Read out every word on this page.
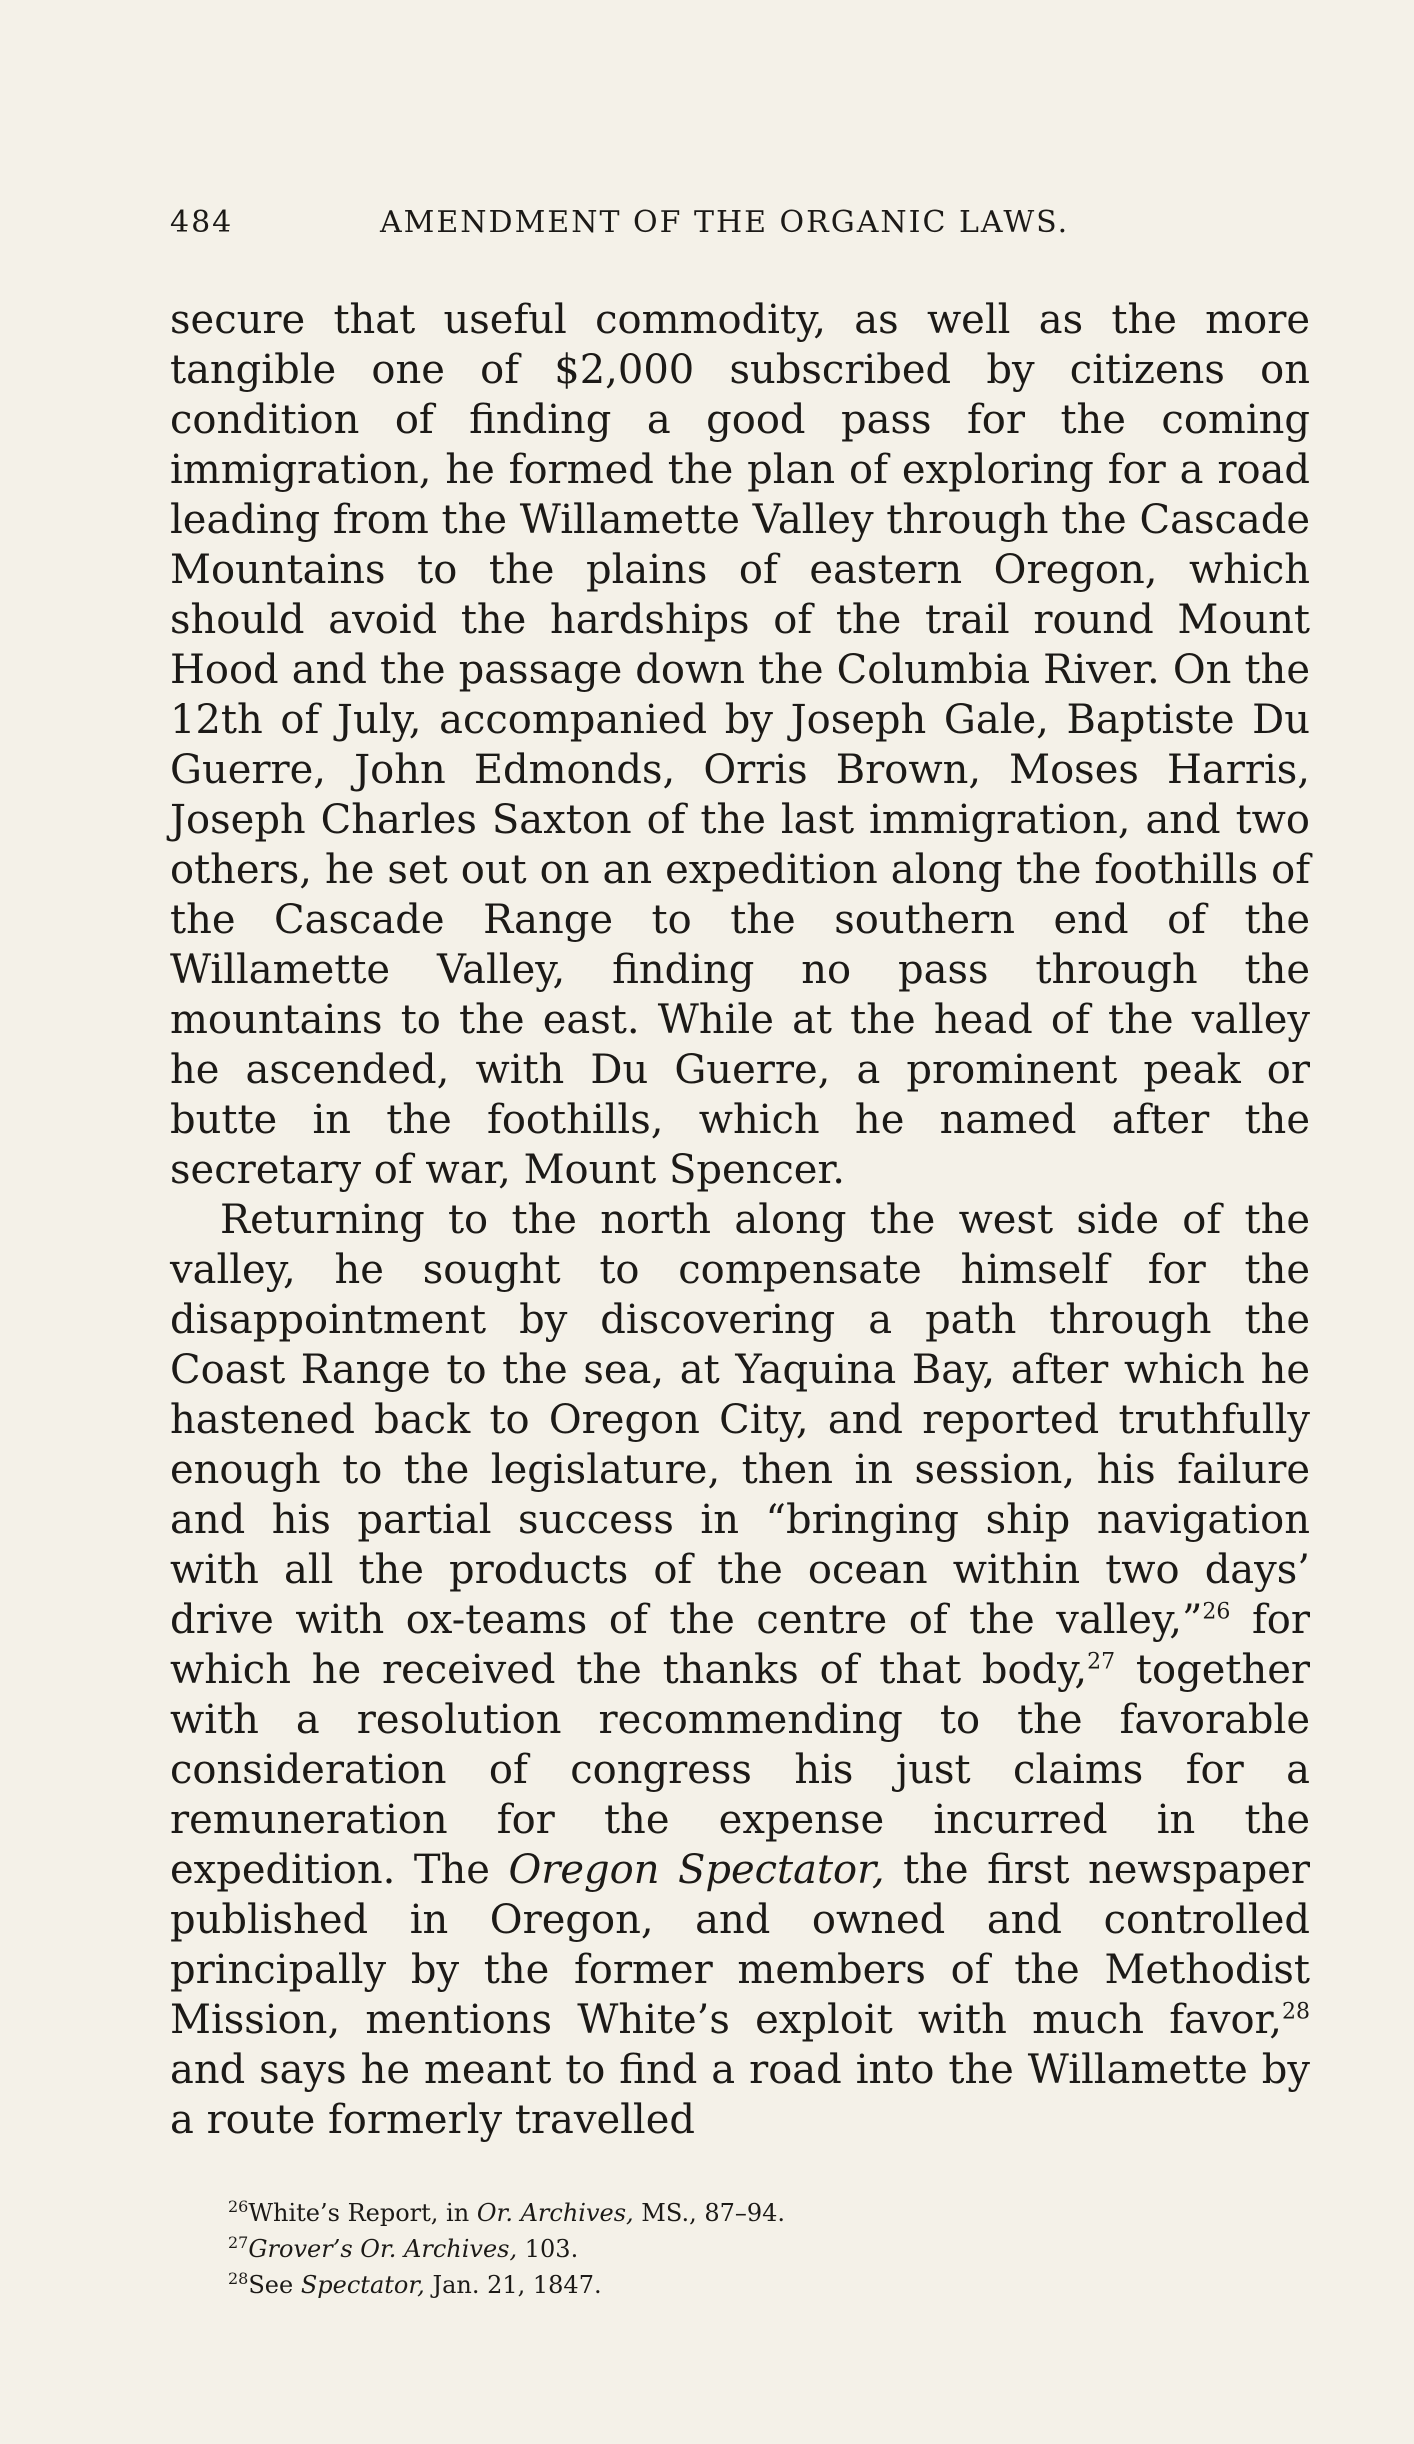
484	AMENDMENT OF THE ORGANIC LAWS.

secure that useful commodity, as well as the more tangible one of $2,000 subscribed by citizens on condition of finding a good pass for the coming immigration, he formed the plan of exploring for a road leading from the Willamette Valley through the Cascade Mountains to the plains of eastern Oregon, which should avoid the hardships of the trail round Mount Hood and the passage down the Columbia River. On the 12th of July, accompanied by Joseph Gale, Baptiste Du Guerre, John Edmonds, Orris Brown, Moses Harris, Joseph Charles Saxton of the last immigration, and two others, he set out on an expedition along the foothills of the Cascade Range to the southern end of the Willamette Valley, finding no pass through the mountains to the east. While at the head of the valley he ascended, with Du Guerre, a prominent peak or butte in the foothills, which he named after the secretary of war, Mount Spencer.

Returning to the north along the west side of the valley, he sought to compensate himself for the disappointment by discovering a path through the Coast Range to the sea, at Yaquina Bay, after which he hastened back to Oregon City, and reported truthfully enough to the legislature, then in session, his failure and his partial success in “bringing ship navigation with all the products of the ocean within two days’ drive with ox-teams of the centre of the valley,”$^{26}$ for which he received the thanks of that body,$^{27}$ together with a resolution recommending to the favorable consideration of congress his just claims for a remuneration for the expense incurred in the expedition. The Oregon Spectator, the first newspaper published in Oregon, and owned and controlled principally by the former members of the Methodist Mission, mentions White’s exploit with much favor,$^{28}$ and says he meant to find a road into the Willamette by a route formerly travelled

$^{26}$White’s Report, in Or. Archives, MS., 87–94.
$^{27}$Grover’s Or. Archives, 103.
$^{28}$See Spectator, Jan. 21, 1847.
